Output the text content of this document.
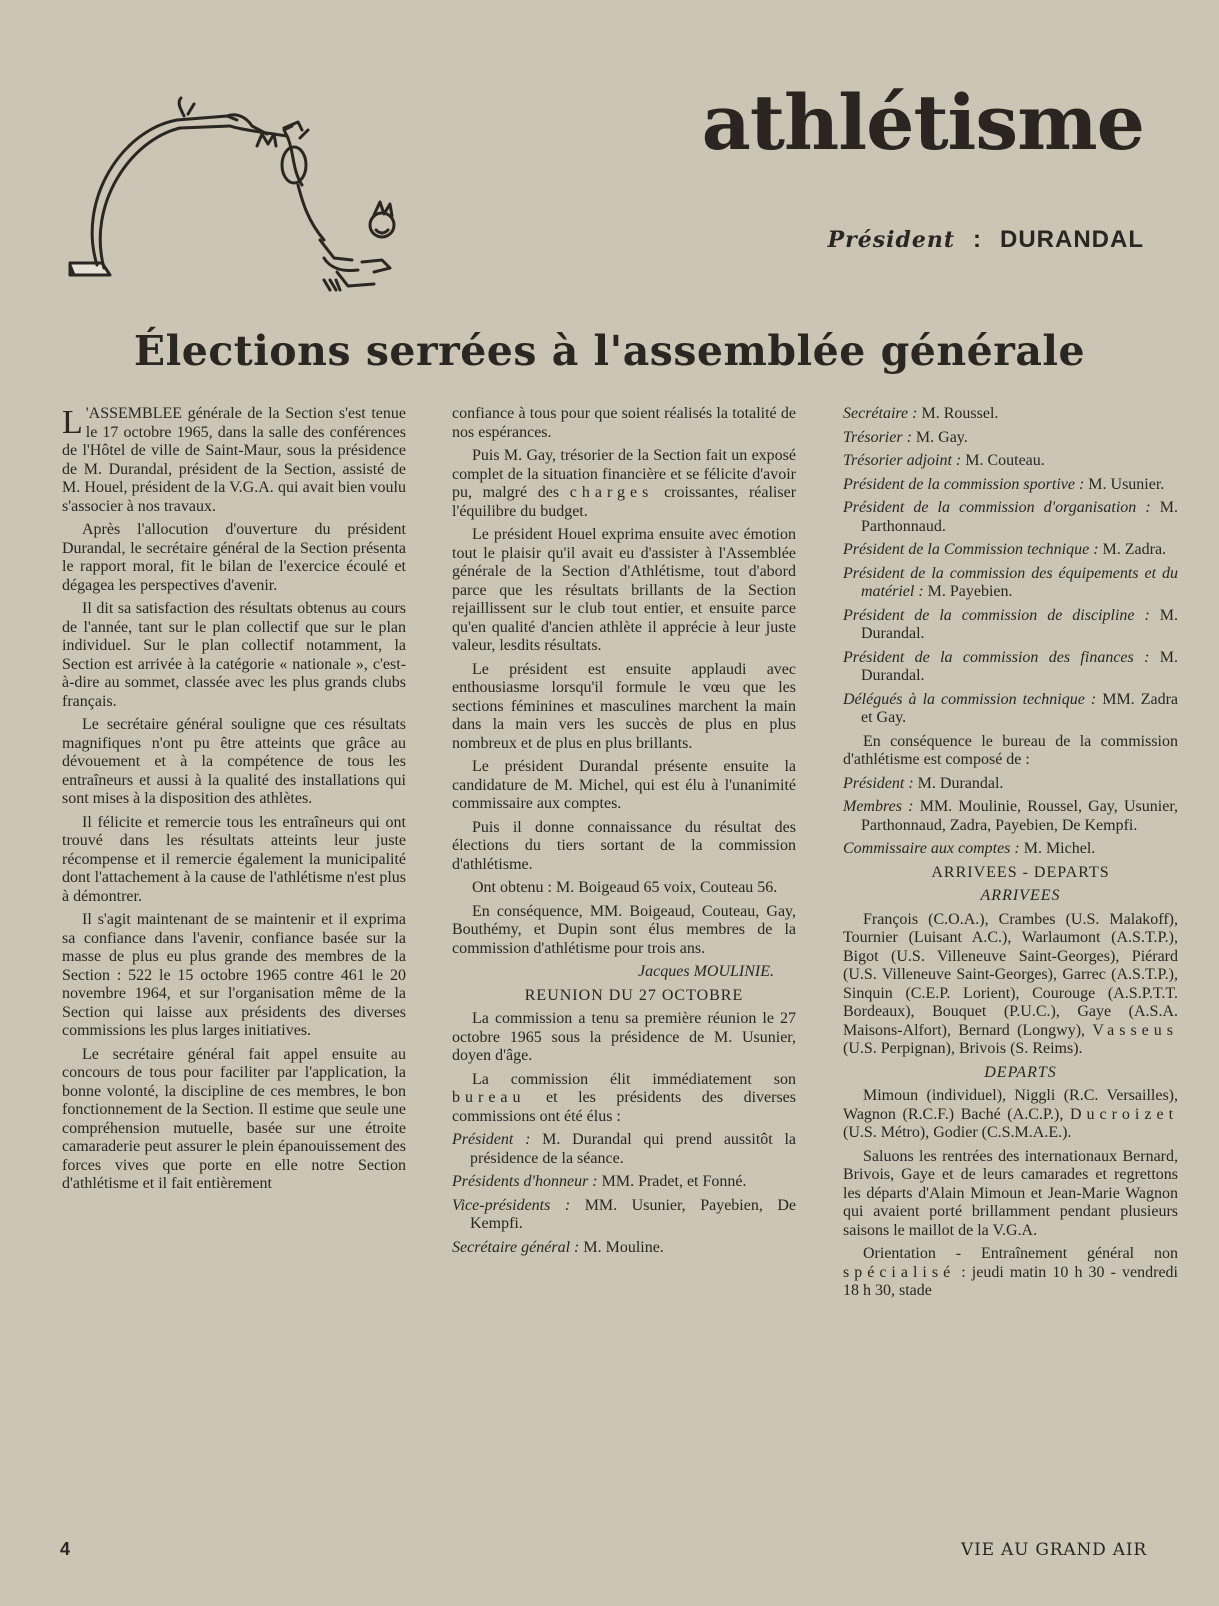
athlétisme
Président : DURANDAL
Élections serrées à l'assemblée générale

L 'ASSEMBLEE générale de la Section s'est tenue le 17 octobre 1965, dans la salle des conférences de l'Hôtel de ville de Saint-Maur, sous la présidence de M. Durandal, président de la Section, assisté de M. Houel, président de la V.G.A. qui avait bien voulu s'associer à nos travaux.

Après l'allocution d'ouverture du président Durandal, le secrétaire général de la Section présenta le rapport moral, fit le bilan de l'exercice écoulé et dégagea les perspectives d'avenir.

Il dit sa satisfaction des résultats obtenus au cours de l'année, tant sur le plan collectif que sur le plan individuel. Sur le plan collectif notamment, la Section est arrivée à la catégorie « nationale », c'est-à-dire au sommet, classée avec les plus grands clubs français.

Le secrétaire général souligne que ces résultats magnifiques n'ont pu être atteints que grâce au dévouement et à la compétence de tous les entraîneurs et aussi à la qualité des installations qui sont mises à la disposition des athlètes.

Il félicite et remercie tous les entraîneurs qui ont trouvé dans les résultats atteints leur juste récompense et il remercie également la municipalité dont l'attachement à la cause de l'athlétisme n'est plus à démontrer.

Il s'agit maintenant de se maintenir et il exprima sa confiance dans l'avenir, confiance basée sur la masse de plus eu plus grande des membres de la Section : 522 le 15 octobre 1965 contre 461 le 20 novembre 1964, et sur l'organisation même de la Section qui laisse aux présidents des diverses commissions les plus larges initiatives.

Le secrétaire général fait appel ensuite au concours de tous pour faciliter par l'application, la bonne volonté, la discipline de ces membres, le bon fonctionnement de la Section. Il estime que seule une compréhension mutuelle, basée sur une étroite camaraderie peut assurer le plein épanouissement des forces vives que porte en elle notre Section d'athlétisme et il fait entièrement

confiance à tous pour que soient réalisés la totalité de nos espérances.

Puis M. Gay, trésorier de la Section fait un exposé complet de la situation financière et se félicite d'avoir pu, malgré des charges croissantes, réaliser l'équilibre du budget.

Le président Houel exprima ensuite avec émotion tout le plaisir qu'il avait eu d'assister à l'Assemblée générale de la Section d'Athlétisme, tout d'abord parce que les résultats brillants de la Section rejaillissent sur le club tout entier, et ensuite parce qu'en qualité d'ancien athlète il apprécie à leur juste valeur, lesdits résultats.

Le président est ensuite applaudi avec enthousiasme lorsqu'il formule le vœu que les sections féminines et masculines marchent la main dans la main vers les succès de plus en plus nombreux et de plus en plus brillants.

Le président Durandal présente ensuite la candidature de M. Michel, qui est élu à l'unanimité commissaire aux comptes.

Puis il donne connaissance du résultat des élections du tiers sortant de la commission d'athlétisme.

Ont obtenu : M. Boigeaud 65 voix, Couteau 56.

En conséquence, MM. Boigeaud, Couteau, Gay, Bouthémy, et Dupin sont élus membres de la commission d'athlétisme pour trois ans.

Jacques MOULINIE.

REUNION DU 27 OCTOBRE

La commission a tenu sa première réunion le 27 octobre 1965 sous la présidence de M. Usunier, doyen d'âge.

La commission élit immédiatement son bureau et les présidents des diverses commissions ont été élus :

Président : M. Durandal qui prend aussitôt la présidence de la séance.

Présidents d'honneur : MM. Pradet, et Fonné.

Vice-présidents : MM. Usunier, Payebien, De Kempfi.

Secrétaire général : M. Mouline.

Secrétaire : M. Roussel.

Trésorier : M. Gay.

Trésorier adjoint : M. Couteau.

Président de la commission sportive : M. Usunier.

Président de la commission d'organisation : M. Parthonnaud.

Président de la Commission technique : M. Zadra.

Président de la commission des équipements et du matériel : M. Payebien.

Président de la commission de discipline : M. Durandal.

Président de la commission des finances : M. Durandal.

Délégués à la commission technique : MM. Zadra et Gay.

En conséquence le bureau de la commission d'athlétisme est composé de :

Président : M. Durandal.

Membres : MM. Moulinie, Roussel, Gay, Usunier, Parthonnaud, Zadra, Payebien, De Kempfi.

Commissaire aux comptes : M. Michel.

ARRIVEES - DEPARTS

ARRIVEES

François (C.O.A.), Crambes (U.S. Malakoff), Tournier (Luisant A.C.), Warlaumont (A.S.T.P.), Bigot (U.S. Villeneuve Saint-Georges), Piérard (U.S. Villeneuve Saint-Georges), Garrec (A.S.T.P.), Sinquin (C.E.P. Lorient), Courouge (A.S.P.T.T. Bordeaux), Bouquet (P.U.C.), Gaye (A.S.A. Maisons-Alfort), Bernard (Longwy), Vasseus (U.S. Perpignan), Brivois (S. Reims).

DEPARTS

Mimoun (individuel), Niggli (R.C. Versailles), Wagnon (R.C.F.) Baché (A.C.P.), Ducroizet (U.S. Métro), Godier (C.S.M.A.E.).

Saluons les rentrées des internationaux Bernard, Brivois, Gaye et de leurs camarades et regrettons les départs d'Alain Mimoun et Jean-Marie Wagnon qui avaient porté brillamment pendant plusieurs saisons le maillot de la V.G.A.

Orientation - Entraînement général non spécialisé : jeudi matin 10 h 30 - vendredi 18 h 30, stade

4	VIE AU GRAND AIR
